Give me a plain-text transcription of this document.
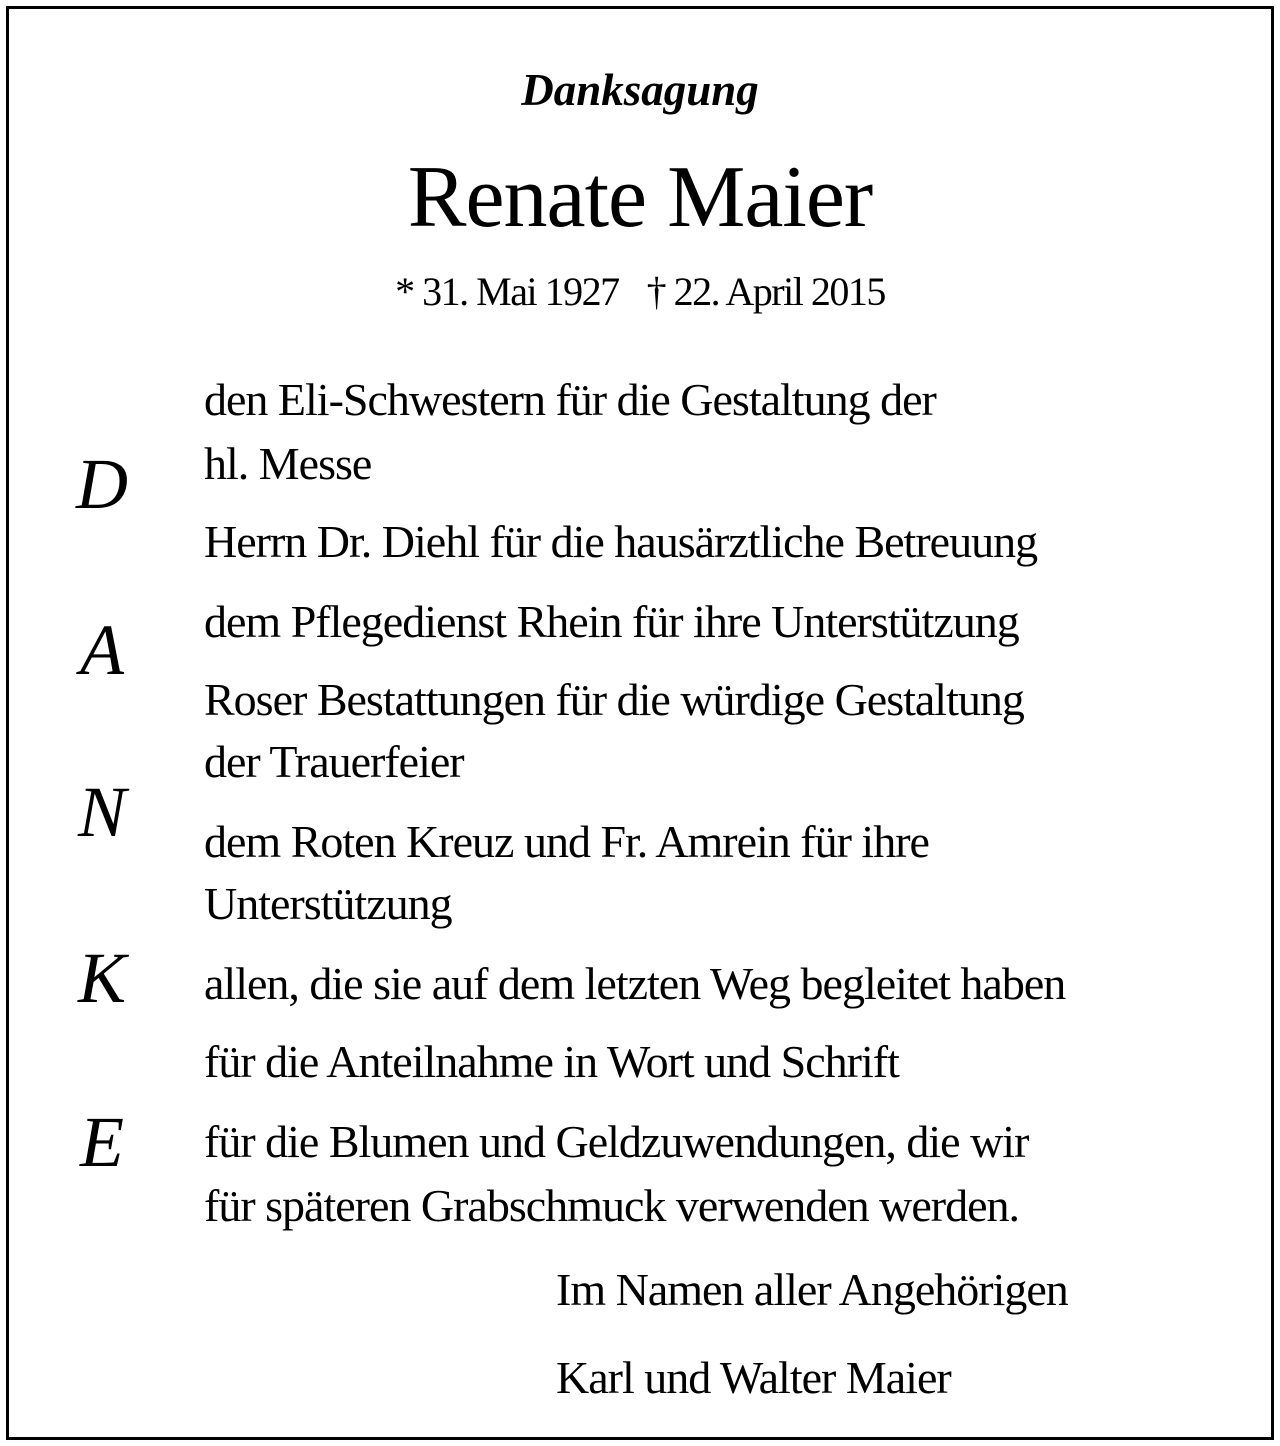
Danksagung
Renate Maier
* 31. Mai 1927 † 22. April 2015
D
A
N
K
E
den Eli-Schwestern für die Gestaltung der
hl. Messe
Herrn Dr. Diehl für die hausärztliche Betreuung
dem Pflegedienst Rhein für ihre Unterstützung
Roser Bestattungen für die würdige Gestaltung
der Trauerfeier
dem Roten Kreuz und Fr. Amrein für ihre
Unterstützung
allen, die sie auf dem letzten Weg begleitet haben
für die Anteilnahme in Wort und Schrift
für die Blumen und Geldzuwendungen, die wir
für späteren Grabschmuck verwenden werden.
Im Namen aller Angehörigen
Karl und Walter Maier
